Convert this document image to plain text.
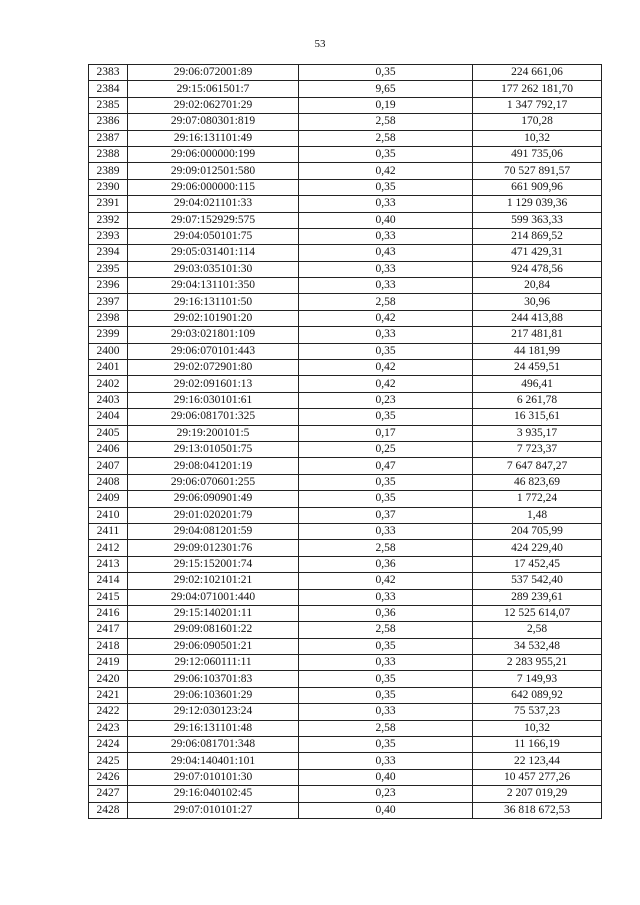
53
2383	29:06:072001:89	0,35	224 661,06
2384	29:15:061501:7	9,65	177 262 181,70
2385	29:02:062701:29	0,19	1 347 792,17
2386	29:07:080301:819	2,58	170,28
2387	29:16:131101:49	2,58	10,32
2388	29:06:000000:199	0,35	491 735,06
2389	29:09:012501:580	0,42	70 527 891,57
2390	29:06:000000:115	0,35	661 909,96
2391	29:04:021101:33	0,33	1 129 039,36
2392	29:07:152929:575	0,40	599 363,33
2393	29:04:050101:75	0,33	214 869,52
2394	29:05:031401:114	0,43	471 429,31
2395	29:03:035101:30	0,33	924 478,56
2396	29:04:131101:350	0,33	20,84
2397	29:16:131101:50	2,58	30,96
2398	29:02:101901:20	0,42	244 413,88
2399	29:03:021801:109	0,33	217 481,81
2400	29:06:070101:443	0,35	44 181,99
2401	29:02:072901:80	0,42	24 459,51
2402	29:02:091601:13	0,42	496,41
2403	29:16:030101:61	0,23	6 261,78
2404	29:06:081701:325	0,35	16 315,61
2405	29:19:200101:5	0,17	3 935,17
2406	29:13:010501:75	0,25	7 723,37
2407	29:08:041201:19	0,47	7 647 847,27
2408	29:06:070601:255	0,35	46 823,69
2409	29:06:090901:49	0,35	1 772,24
2410	29:01:020201:79	0,37	1,48
2411	29:04:081201:59	0,33	204 705,99
2412	29:09:012301:76	2,58	424 229,40
2413	29:15:152001:74	0,36	17 452,45
2414	29:02:102101:21	0,42	537 542,40
2415	29:04:071001:440	0,33	289 239,61
2416	29:15:140201:11	0,36	12 525 614,07
2417	29:09:081601:22	2,58	2,58
2418	29:06:090501:21	0,35	34 532,48
2419	29:12:060111:11	0,33	2 283 955,21
2420	29:06:103701:83	0,35	7 149,93
2421	29:06:103601:29	0,35	642 089,92
2422	29:12:030123:24	0,33	75 537,23
2423	29:16:131101:48	2,58	10,32
2424	29:06:081701:348	0,35	11 166,19
2425	29:04:140401:101	0,33	22 123,44
2426	29:07:010101:30	0,40	10 457 277,26
2427	29:16:040102:45	0,23	2 207 019,29
2428	29:07:010101:27	0,40	36 818 672,53
